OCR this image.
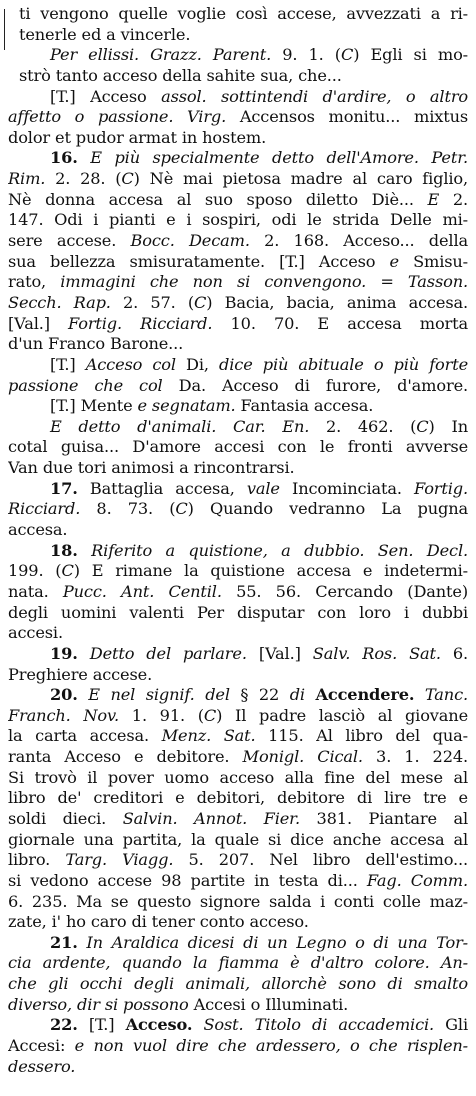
ti vengono quelle voglie così accese, avvezzati a ri-
tenerle ed a vincerle.
Per ellissi. Grazz. Parent. 9. 1. (C) Egli si mo-
strò tanto acceso della sahite sua, che...
[T.] Acceso assol. sottintendi d'ardire, o altro
affetto o passione. Virg. Accensos monitu... mixtus
dolor et pudor armat in hostem.
16. E più specialmente detto dell'Amore. Petr.
Rim. 2. 28. (C) Nè mai pietosa madre al caro figlio,
Nè donna accesa al suo sposo diletto Diè... E 2.
147. Odi i pianti e i sospiri, odi le strida Delle mi-
sere accese. Bocc. Decam. 2. 168. Acceso... della
sua bellezza smisuratamente. [T.] Acceso e Smisu-
rato, immagini che non si convengono. = Tasson.
Secch. Rap. 2. 57. (C) Bacia, bacia, anima accesa.
[Val.] Fortig. Ricciard. 10. 70. E accesa morta
d'un Franco Barone...
[T.] Acceso col Di, dice più abituale o più forte
passione che col Da. Acceso di furore, d'amore.
[T.] Mente e segnatam. Fantasia accesa.
E detto d'animali. Car. En. 2. 462. (C) In
cotal guisa... D'amore accesi con le fronti avverse
Van due tori animosi a rincontrarsi.
17. Battaglia accesa, vale Incominciata. Fortig.
Ricciard. 8. 73. (C) Quando vedranno La pugna
accesa.
18. Riferito a quistione, a dubbio. Sen. Decl.
199. (C) E rimane la quistione accesa e indetermi-
nata. Pucc. Ant. Centil. 55. 56. Cercando (Dante)
degli uomini valenti Per disputar con loro i dubbi
accesi.
19. Detto del parlare. [Val.] Salv. Ros. Sat. 6.
Preghiere accese.
20. E nel signif. del § 22 di Accendere. Tanc.
Franch. Nov. 1. 91. (C) Il padre lasciò al giovane
la carta accesa. Menz. Sat. 115. Al libro del qua-
ranta Acceso e debitore. Monigl. Cical. 3. 1. 224.
Si trovò il pover uomo acceso alla fine del mese al
libro de' creditori e debitori, debitore di lire tre e
soldi dieci. Salvin. Annot. Fier. 381. Piantare al
giornale una partita, la quale si dice anche accesa al
libro. Targ. Viagg. 5. 207. Nel libro dell'estimo...
si vedono accese 98 partite in testa di... Fag. Comm.
6. 235. Ma se questo signore salda i conti colle maz-
zate, i' ho caro di tener conto acceso.
21. In Araldica dicesi di un Legno o di una Tor-
cia ardente, quando la fiamma è d'altro colore. An-
che gli occhi degli animali, allorchè sono di smalto
diverso, dir si possono Accesi o Illuminati.
22. [T.] Acceso. Sost. Titolo di accademici. Gli
Accesi: e non vuol dire che ardessero, o che risplen-
dessero.
